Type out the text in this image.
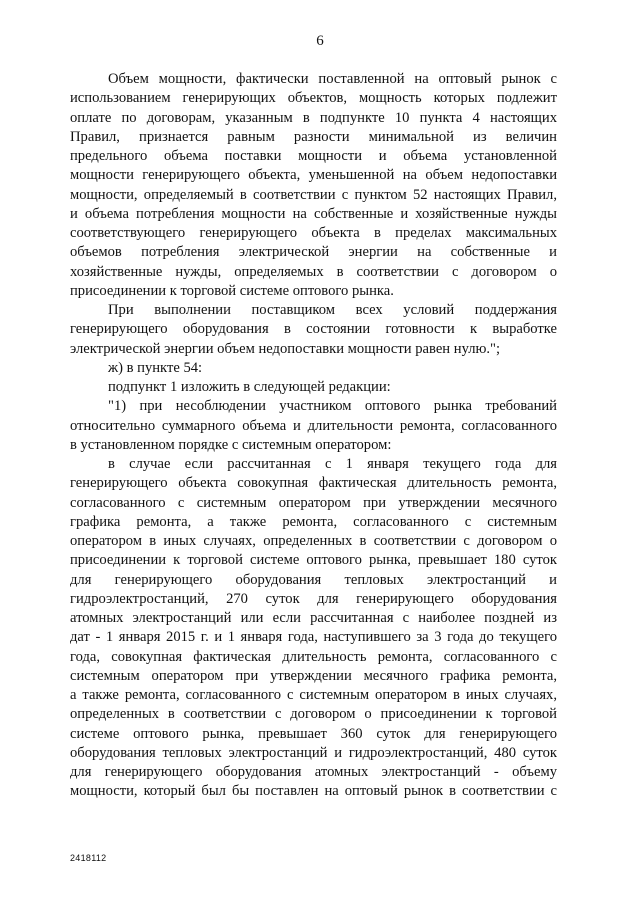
6
Объем мощности, фактически поставленной на оптовый рынок с
использованием генерирующих объектов, мощность которых подлежит
оплате по договорам, указанным в подпункте 10 пункта 4 настоящих
Правил, признается равным разности минимальной из величин
предельного объема поставки мощности и объема установленной
мощности генерирующего объекта, уменьшенной на объем недопоставки
мощности, определяемый в соответствии с пунктом 52 настоящих Правил,
и объема потребления мощности на собственные и хозяйственные нужды
соответствующего генерирующего объекта в пределах максимальных
объемов потребления электрической энергии на собственные и
хозяйственные нужды, определяемых в соответствии с договором о
присоединении к торговой системе оптового рынка.
При выполнении поставщиком всех условий поддержания
генерирующего оборудования в состоянии готовности к выработке
электрической энергии объем недопоставки мощности равен нулю.";
ж) в пункте 54:
подпункт 1 изложить в следующей редакции:
"1) при несоблюдении участником оптового рынка требований
относительно суммарного объема и длительности ремонта, согласованного
в установленном порядке с системным оператором:
в случае если рассчитанная с 1 января текущего года для
генерирующего объекта совокупная фактическая длительность ремонта,
согласованного с системным оператором при утверждении месячного
графика ремонта, а также ремонта, согласованного с системным
оператором в иных случаях, определенных в соответствии с договором о
присоединении к торговой системе оптового рынка, превышает 180 суток
для генерирующего оборудования тепловых электростанций и
гидроэлектростанций, 270 суток для генерирующего оборудования
атомных электростанций или если рассчитанная с наиболее поздней из
дат - 1 января 2015 г. и 1 января года, наступившего за 3 года до текущего
года, совокупная фактическая длительность ремонта, согласованного с
системным оператором при утверждении месячного графика ремонта,
а также ремонта, согласованного с системным оператором в иных случаях,
определенных в соответствии с договором о присоединении к торговой
системе оптового рынка, превышает 360 суток для генерирующего
оборудования тепловых электростанций и гидроэлектростанций, 480 суток
для генерирующего оборудования атомных электростанций - объему
мощности, который был бы поставлен на оптовый рынок в соответствии с
2418112
